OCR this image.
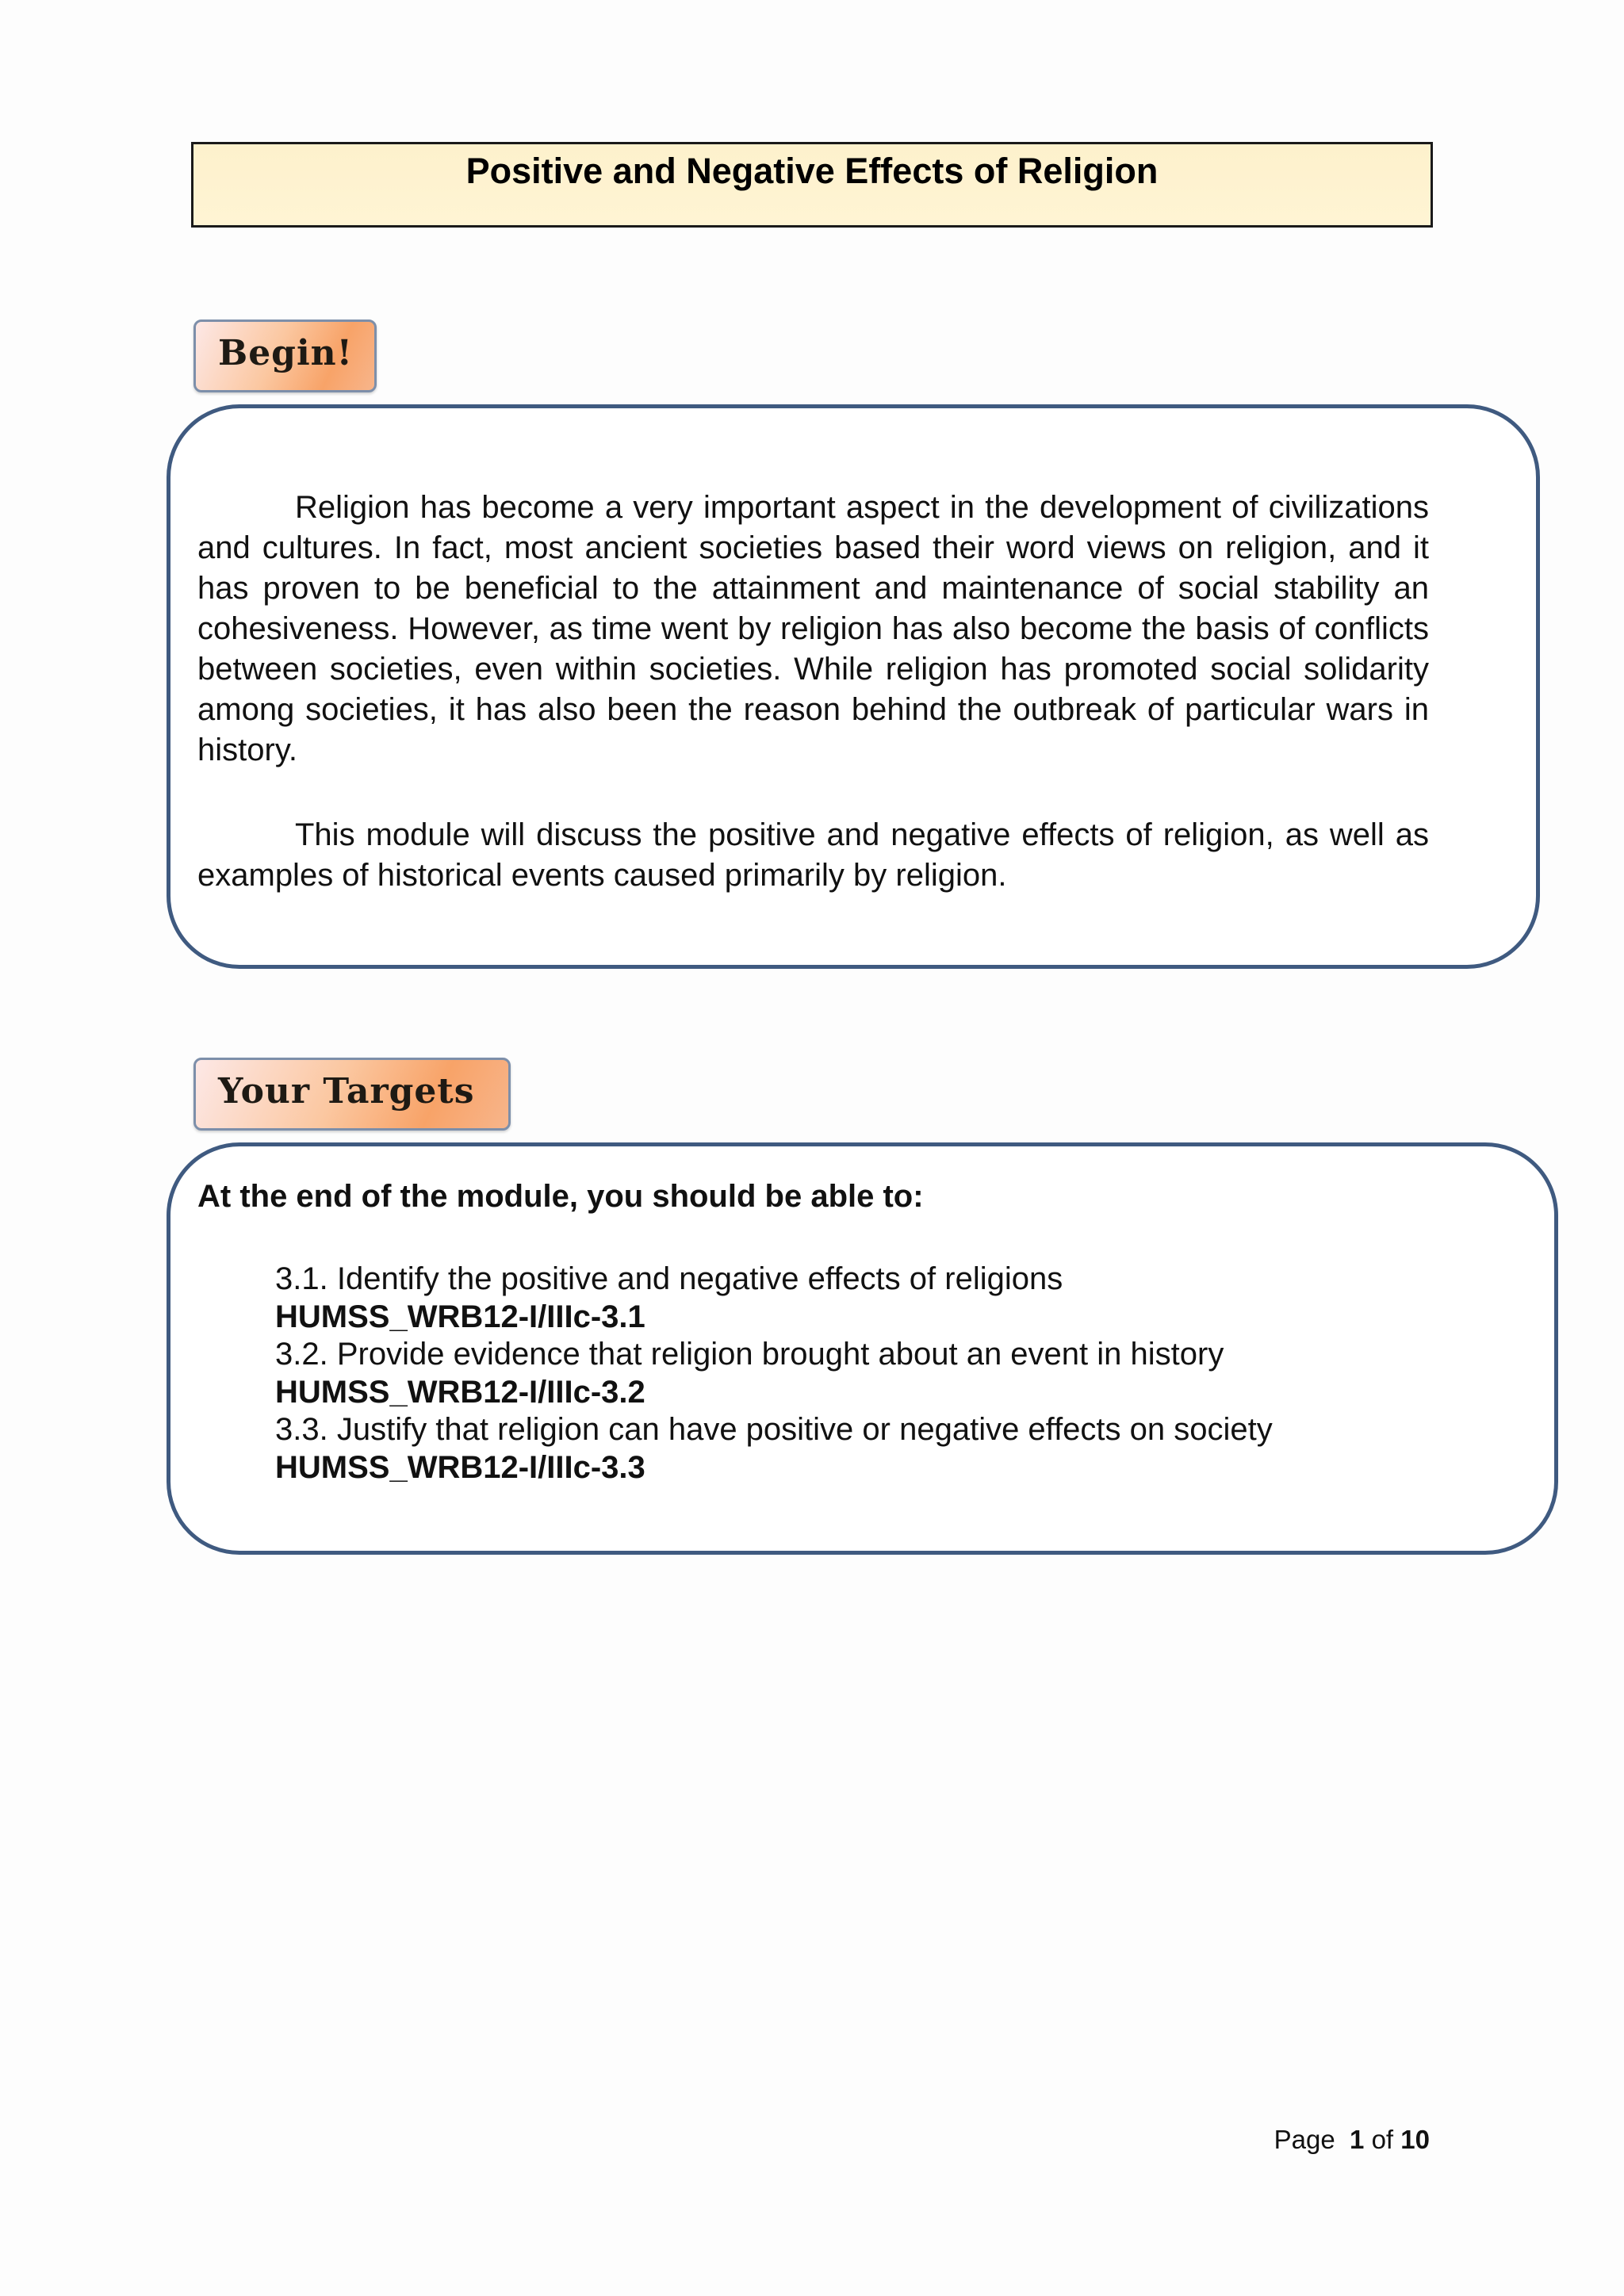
Positive and Negative Effects of Religion
Begin!

Religion has become a very important aspect in the development of civilizations and cultures. In fact, most ancient societies based their word views on religion, and it has proven to be beneficial to the attainment and maintenance of social stability an cohesiveness. However, as time went by religion has also become the basis of conflicts between societies, even within societies. While religion has promoted social solidarity among societies, it has also been the reason behind the outbreak of particular wars in history.

This module will discuss the positive and negative effects of religion, as well as examples of historical events caused primarily by religion.

Your Targets

At the end of the module, you should be able to:

3.1. Identify the positive and negative effects of religions
HUMSS_WRB12-I/IIIc-3.1
3.2. Provide evidence that religion brought about an event in history
HUMSS_WRB12-I/IIIc-3.2
3.3. Justify that religion can have positive or negative effects on society
HUMSS_WRB12-I/IIIc-3.3
Page 1 of 10
